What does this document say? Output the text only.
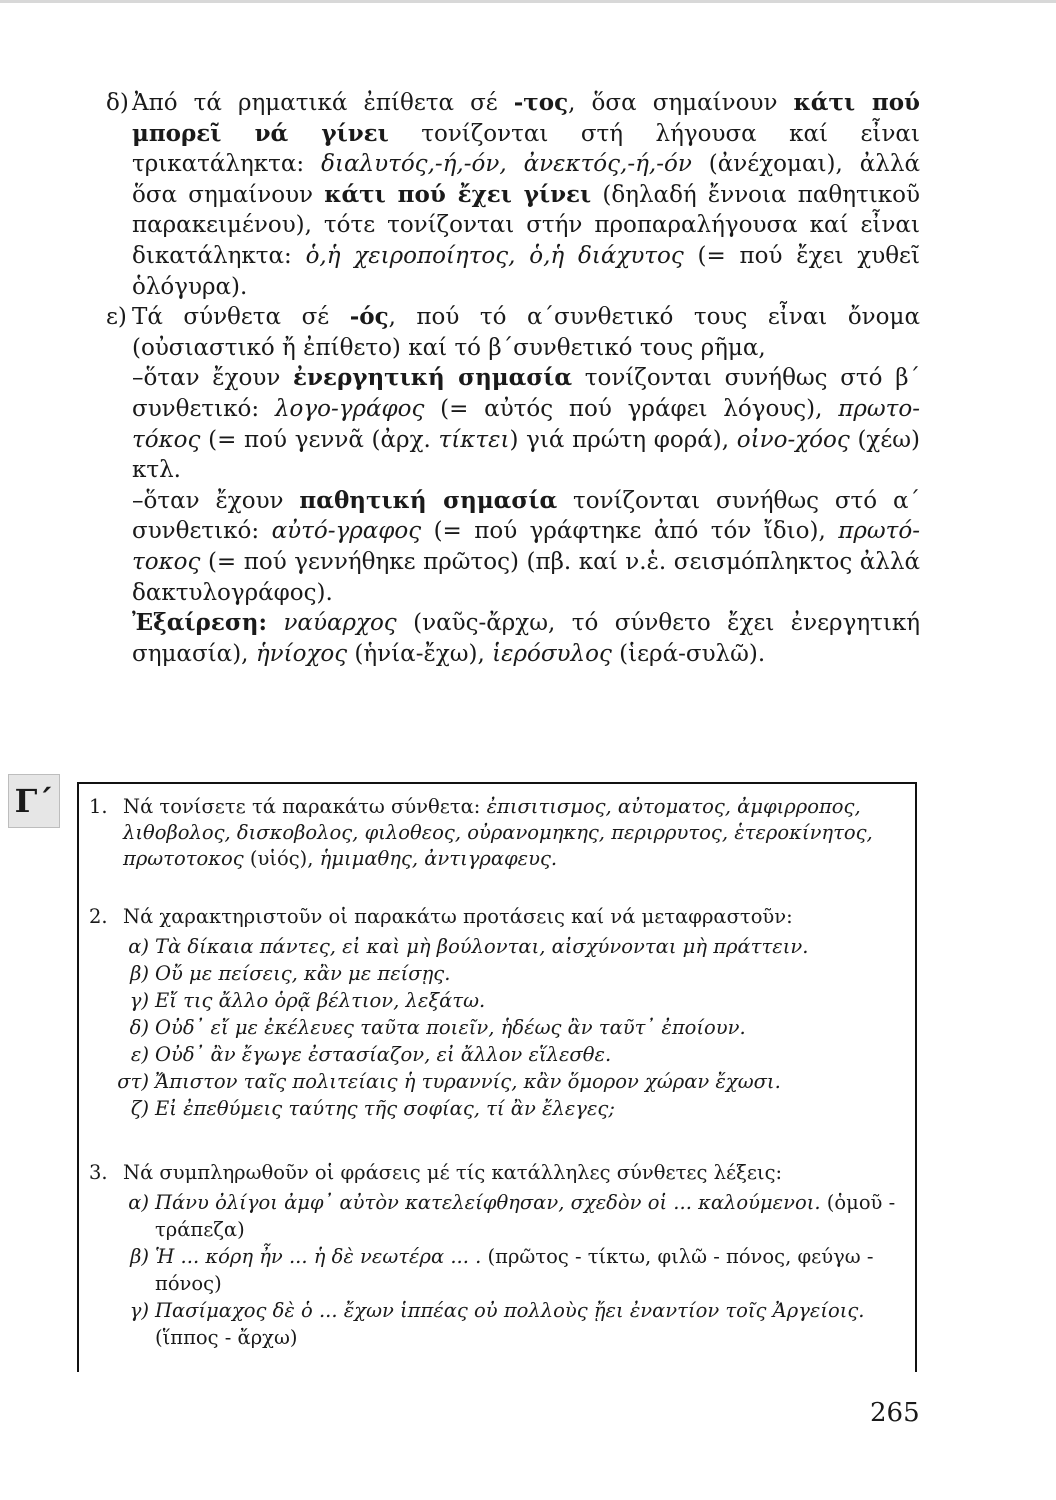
δ) Ἀπό τά ρηματικά ἐπίθετα σέ -τος, ὅσα σημαίνουν κάτι πού μπορεῖ νά γίνει τονίζονται στή λήγουσα καί εἶναι τρικατάληκτα: διαλυτός,-ή,-όν, ἀνεκτός,-ή,-όν (ἀνέχομαι), ἀλλά ὅσα σημαίνουν κάτι πού ἔχει γίνει (δηλαδή ἔννοια παθητικοῦ παρακειμένου), τότε τονίζονται στήν προπαραλήγουσα καί εἶναι δικατάληκτα: ὁ,ἡ χειροποίητος, ὁ,ἡ διάχυτος (= πού ἔχει χυθεῖ ὁλόγυρα).
ε) Τά σύνθετα σέ -ός, πού τό α΄συνθετικό τους εἶναι ὄνομα (οὐσιαστικό ἤ ἐπίθετο) καί τό β΄συνθετικό τους ρῆμα,
–ὅταν ἔχουν ἐνεργητική σημασία τονίζονται συνήθως στό β΄ συνθετικό: λογο-γράφος (= αὐτός πού γράφει λόγους), πρωτο-τόκος (= πού γεννᾶ (ἀρχ. τίκτει) γιά πρώτη φορά), οἰνο-χόος (χέω) κτλ.
–ὅταν ἔχουν παθητική σημασία τονίζονται συνήθως στό α΄ συνθετικό: αὐτό-γραφος (= πού γράφτηκε ἀπό τόν ἴδιο), πρωτό-τοκος (= πού γεννήθηκε πρῶτος) (πβ. καί ν.ἑ. σεισμόπληκτος ἀλλά δακτυλογράφος).
Ἐξαίρεση: ναύαρχος (ναῦς-ἄρχω, τό σύνθετο ἔχει ἐνεργητική σημασία), ἡνίοχος (ἡνία-ἔχω), ἱερόσυλος (ἱερά-συλῶ).
Γ΄	1. Νά τονίσετε τά παρακάτω σύνθετα: ἐπισιτισμος, αὐτοματος, ἀμφιρροπος, λιθοβολος, δισκοβολος, φιλοθεος, οὐρανομηκης, περιρρυτος, ἑτεροκίνητος, πρωτοτοκος (υἱός), ἡμιμαθης, ἀντιγραφευς.
2. Νά χαρακτηριστοῦν οἱ παρακάτω προτάσεις καί νά μεταφραστοῦν:
α) Τὰ δίκαια πάντες, εἰ καὶ μὴ βούλονται, αἰσχύνονται μὴ πράττειν.
β) Οὔ με πείσεις, κἂν με πείσῃς.
γ) Εἴ τις ἄλλο ὁρᾷ βέλτιον, λεξάτω.
δ) Οὐδ᾽ εἴ με ἐκέλευες ταῦτα ποιεῖν, ἡδέως ἂν ταῦτ᾽ ἐποίουν.
ε) Οὐδ᾽ ἂν ἔγωγε ἐστασίαζον, εἰ ἄλλον εἵλεσθε.
στ) Ἄπιστον ταῖς πολιτείαις ἡ τυραννίς, κἂν ὅμορον χώραν ἔχωσι.
ζ) Εἰ ἐπεθύμεις ταύτης τῆς σοφίας, τί ἂν ἔλεγες;
3. Νά συμπληρωθοῦν οἱ φράσεις μέ τίς κατάλληλες σύνθετες λέξεις:
α) Πάνυ ὀλίγοι ἀμφ᾽ αὐτὸν κατελείφθησαν, σχεδὸν οἱ ... καλούμενοι. (ὁμοῦ - τράπεζα)
β) Ἡ ... κόρη ἦν ... ἡ δὲ νεωτέρα ... . (πρῶτος - τίκτω, φιλῶ - πόνος, φεύγω - πόνος)
γ) Πασίμαχος δὲ ὁ ... ἔχων ἱππέας οὐ πολλοὺς ᾔει ἐναντίον τοῖς Ἀργείοις. (ἵππος - ἄρχω)
265
